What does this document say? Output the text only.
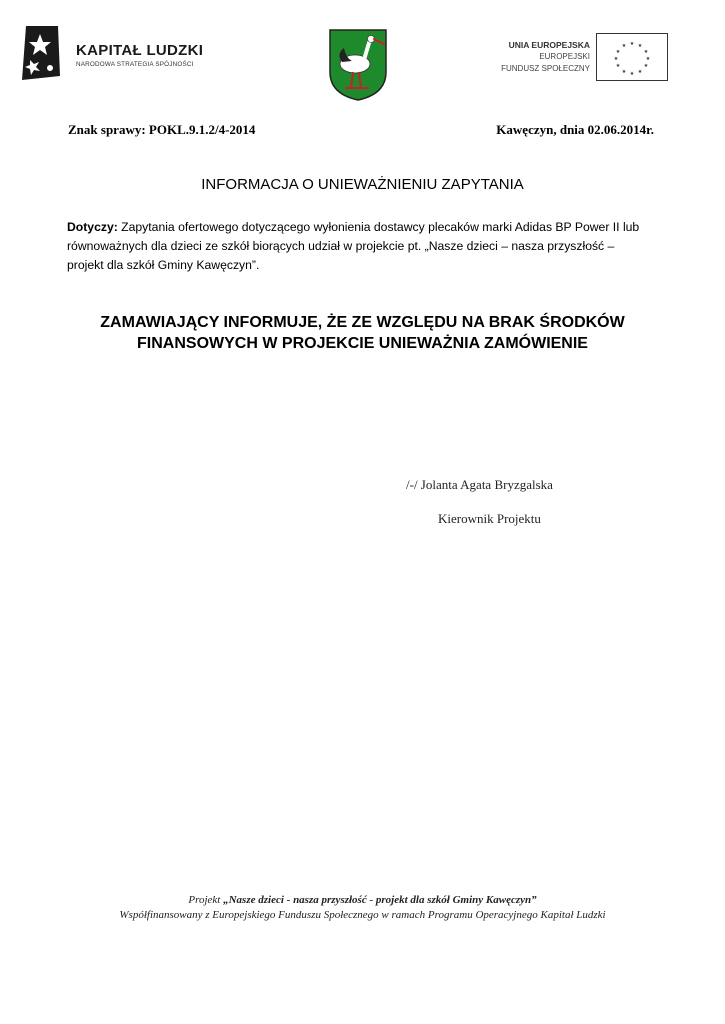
KAPITAŁ LUDZKI
NARODOWA STRATEGIA SPÓJNOŚCI
UNIA EUROPEJSKA
EUROPEJSKI
FUNDUSZ SPOŁECZNY
★ ★
★
★
★
★
★
★
★
★
★
★
Znak sprawy: POKL.9.1.2/4-2014	Kawęczyn, dnia 02.06.2014r.
INFORMACJA O UNIEWAŻNIENIU ZAPYTANIA
Dotyczy: Zapytania ofertowego dotyczącego wyłonienia dostawcy plecaków marki Adidas BP Power II lub równoważnych dla dzieci ze szkół biorących udział w projekcie pt. „Nasze dzieci – nasza przyszłość – projekt dla szkół Gminy Kawęczyn”.
ZAMAWIAJĄCY INFORMUJE, ŻE ZE WZGLĘDU NA BRAK ŚRODKÓW FINANSOWYCH W PROJEKCIE UNIEWAŻNIA ZAMÓWIENIE
/-/ Jolanta Agata Bryzgalska
Kierownik Projektu
Projekt „Nasze dzieci - nasza przyszłość - projekt dla szkół Gminy Kawęczyn”
Współfinansowany z Europejskiego Funduszu Społecznego w ramach Programu Operacyjnego Kapitał Ludzki
